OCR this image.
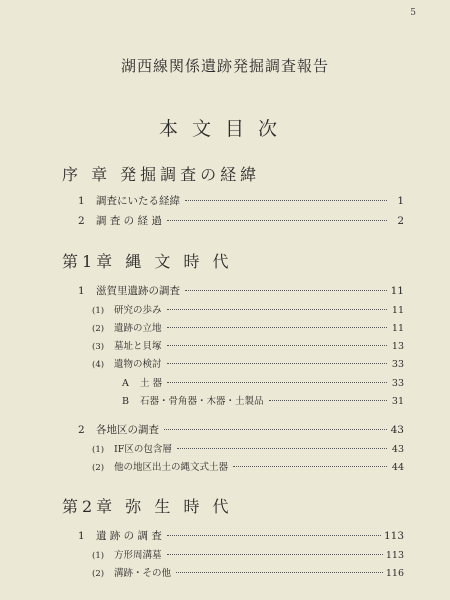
5
湖西線関係遺跡発掘調査報告
本文目次
序 章 発掘調査の経緯
1	調査にいたる経緯	1
2	調 査 の 経 過	2
第1章 縄 文 時 代
1	滋賀里遺跡の調査	11
(1)	研究の歩み	11
(2)	遺跡の立地	11
(3)	墓址と貝塚	13
(4)	遺物の検討	33
A	土 器	33
B	石器・骨角器・木器・土製品	31
2	各地区の調査	43
(1)	ⅠF区の包含層	43
(2)	他の地区出土の縄文式土器	44
第2章 弥 生 時 代
1	遺 跡 の 調 査	113
(1)	方形周溝墓	113
(2)	溝跡・その他	116
